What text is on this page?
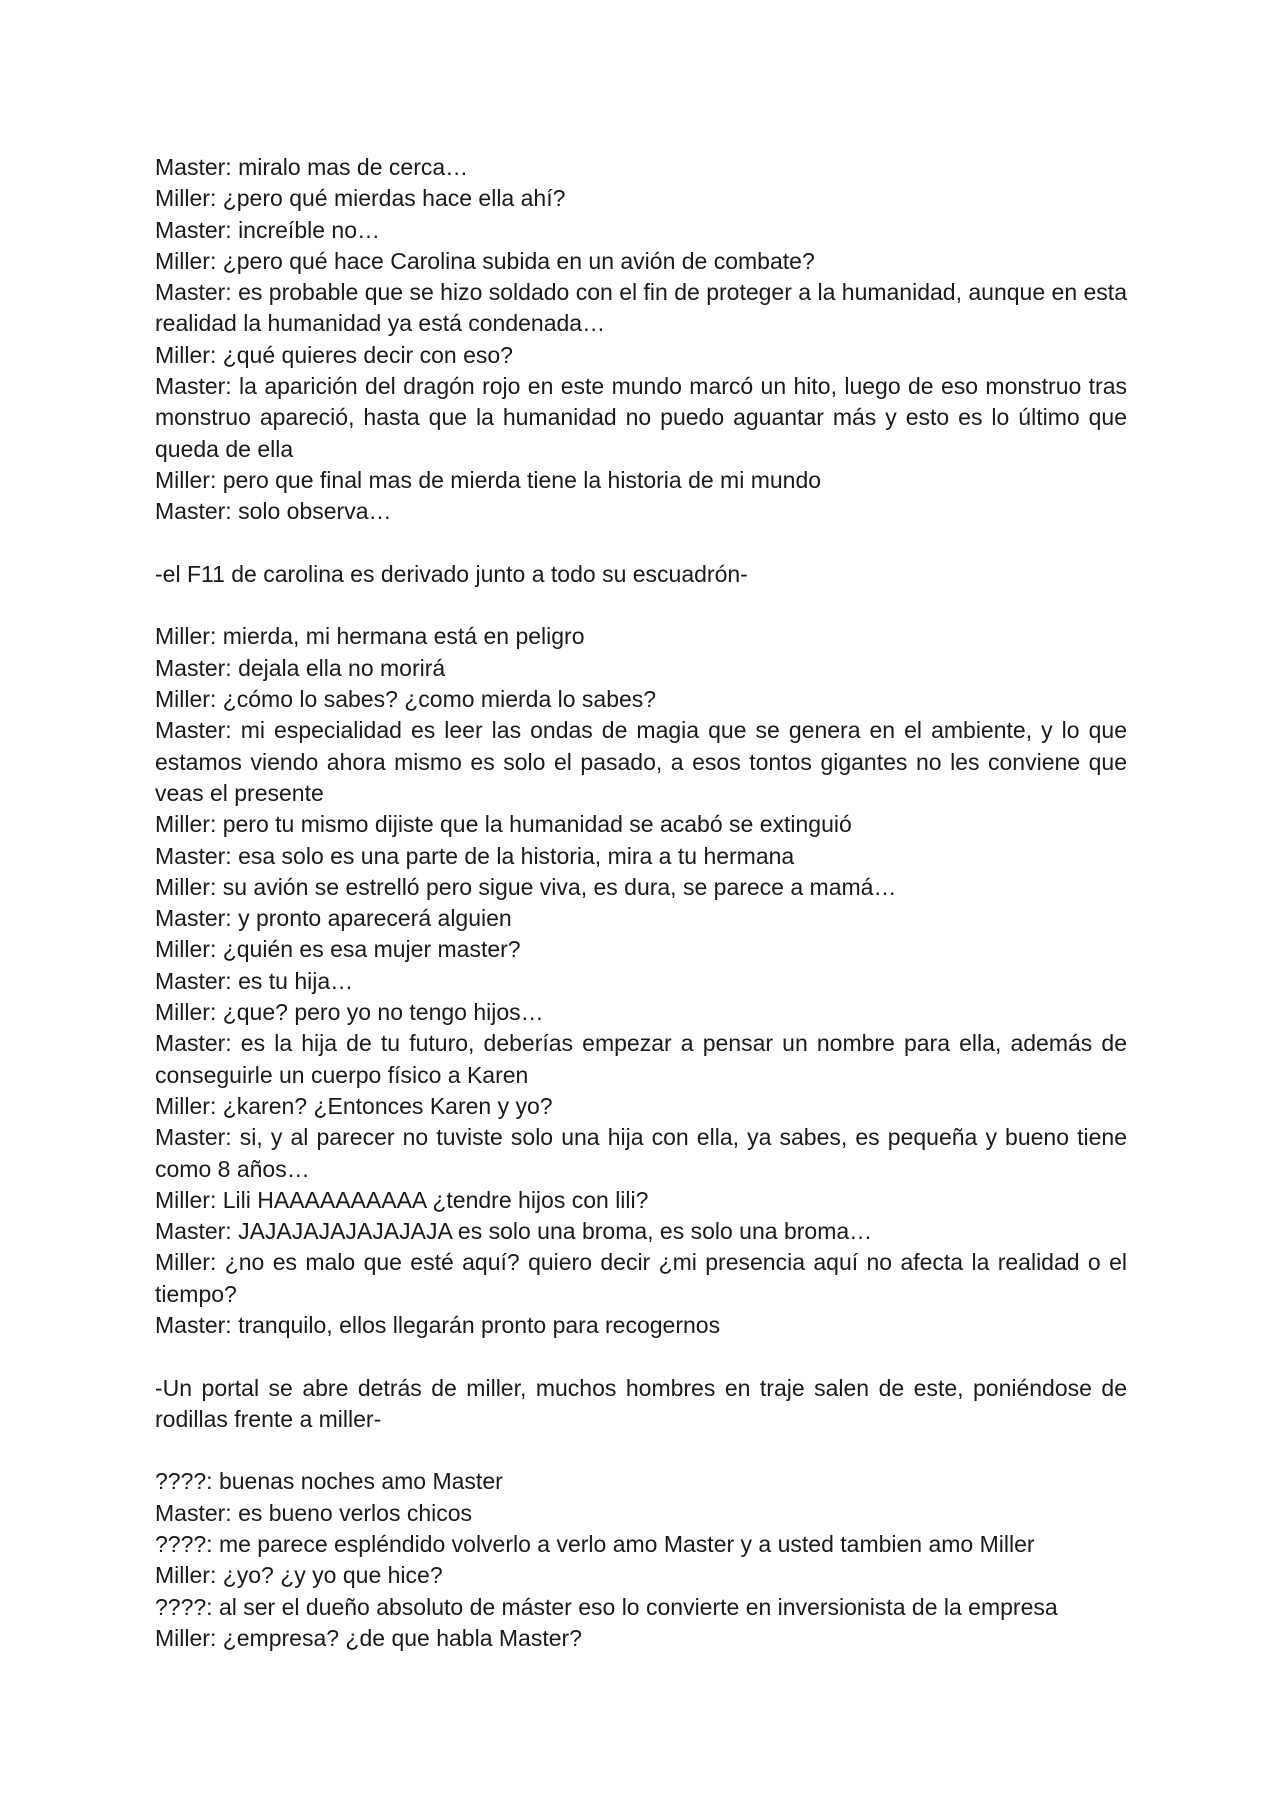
Master: miralo mas de cerca…

Miller: ¿pero qué mierdas hace ella ahí?

Master: increíble no…

Miller: ¿pero qué hace Carolina subida en un avión de combate?

Master: es probable que se hizo soldado con el fin de proteger a la humanidad, aunque en esta realidad la humanidad ya está condenada…

Miller: ¿qué quieres decir con eso?

Master: la aparición del dragón rojo en este mundo marcó un hito, luego de eso monstruo tras monstruo apareció, hasta que la humanidad no puedo aguantar más y esto es lo último que queda de ella

Miller: pero que final mas de mierda tiene la historia de mi mundo

Master: solo observa…

-el F11 de carolina es derivado junto a todo su escuadrón-

Miller: mierda, mi hermana está en peligro

Master: dejala ella no morirá

Miller: ¿cómo lo sabes? ¿como mierda lo sabes?

Master: mi especialidad es leer las ondas de magia que se genera en el ambiente, y lo que estamos viendo ahora mismo es solo el pasado, a esos tontos gigantes no les conviene que veas el presente

Miller: pero tu mismo dijiste que la humanidad se acabó se extinguió

Master: esa solo es una parte de la historia, mira a tu hermana

Miller: su avión se estrelló pero sigue viva, es dura, se parece a mamá…

Master: y pronto aparecerá alguien

Miller: ¿quién es esa mujer master?

Master: es tu hija…

Miller: ¿que? pero yo no tengo hijos…

Master: es la hija de tu futuro, deberías empezar a pensar un nombre para ella, además de conseguirle un cuerpo físico a Karen

Miller: ¿karen? ¿Entonces Karen y yo?

Master: si, y al parecer no tuviste solo una hija con ella, ya sabes, es pequeña y bueno tiene como 8 años…

Miller: Lili HAAAAAAAAAA ¿tendre hijos con lili?

Master: JAJAJAJAJAJAJAJA es solo una broma, es solo una broma…

Miller: ¿no es malo que esté aquí? quiero decir ¿mi presencia aquí no afecta la realidad o el tiempo?

Master: tranquilo, ellos llegarán pronto para recogernos

-Un portal se abre detrás de miller, muchos hombres en traje salen de este, poniéndose de rodillas frente a miller-

????: buenas noches amo Master

Master: es bueno verlos chicos

????: me parece espléndido volverlo a verlo amo Master y a usted tambien amo Miller

Miller: ¿yo? ¿y yo que hice?

????: al ser el dueño absoluto de máster eso lo convierte en inversionista de la empresa

Miller: ¿empresa? ¿de que habla Master?
